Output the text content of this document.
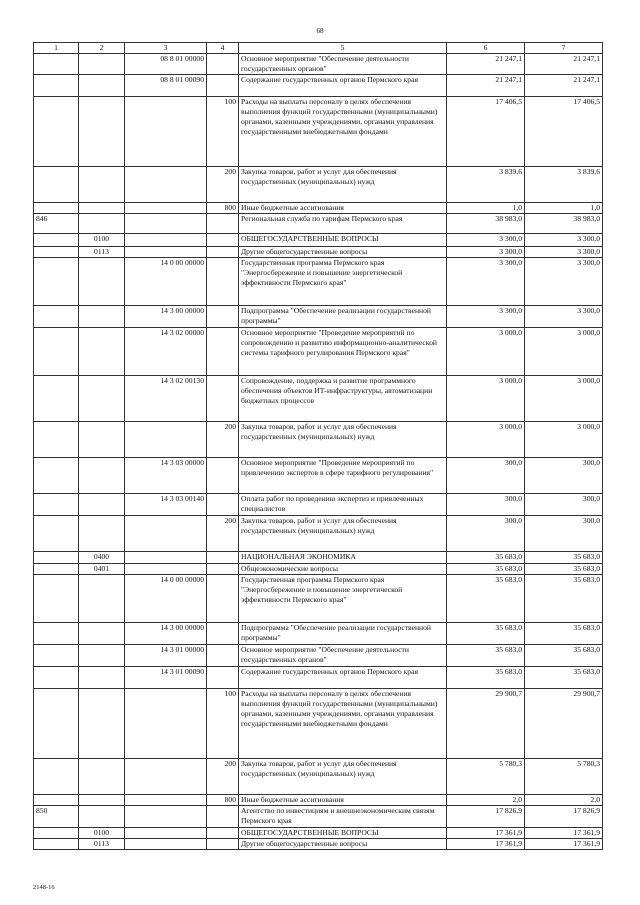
68
1	2	3	4	5	6	7
		08 8 01 00000		Основное мероприятие "Обеспечение деятельности государственных органов"	21 247,1	21 247,1
		08 8 01 00090		Содержание государственных органов Пермского края	21 247,1	21 247,1
			100	Расходы на выплаты персоналу в целях обеспечения выполнения функций государственными (муниципальными) органами, казенными учреждениями, органами управления государственными внебюджетными фондами	17 406,5	17 406,5
			200	Закупка товаров, работ и услуг для обеспечения государственных (муниципальных) нужд	3 839,6	3 839,6
			800	Иные бюджетные ассигнования	1,0	1,0
846				Региональная служба по тарифам Пермского края	38 983,0	38 983,0
	0100			ОБЩЕГОСУДАРСТВЕННЫЕ ВОПРОСЫ	3 300,0	3 300,0
	0113			Другие общегосударственные вопросы	3 300,0	3 300,0
		14 0 00 00000		Государственная программа Пермского края "Энергосбережение и повышение энергетической эффективности Пермского края"	3 300,0	3 300,0
		14 3 00 00000		Подпрограмма "Обеспечение реализации государственной программы"	3 300,0	3 300,0
		14 3 02 00000		Основное мероприятие "Проведение мероприятий по сопровождению и развитию информационно-аналитической системы тарифного регулирования Пермского края"	3 000,0	3 000,0
		14 3 02 00130		Сопровождение, поддержка и развитие программного обеспечения объектов ИТ-инфраструктуры, автоматизации бюджетных процессов	3 000,0	3 000,0
			200	Закупка товаров, работ и услуг для обеспечения государственных (муниципальных) нужд	3 000,0	3 000,0
		14 3 03 00000		Основное мероприятие "Проведение мероприятий по привлечению экспертов в сфере тарифного регулирования"	300,0	300,0
		14 3 03 00140		Оплата работ по проведению экспертиз и привлеченных специалистов	300,0	300,0
			200	Закупка товаров, работ и услуг для обеспечения государственных (муниципальных) нужд	300,0	300,0
	0400			НАЦИОНАЛЬНАЯ ЭКОНОМИКА	35 683,0	35 683,0
	0401			Общеэкономические вопросы	35 683,0	35 683,0
		14 0 00 00000		Государственная программа Пермского края "Энергосбережение и повышение энергетической эффективности Пермского края"	35 683,0	35 683,0
		14 3 00 00000		Подпрограмма "Обеспечение реализации государственной программы"	35 683,0	35 683,0
		14 3 01 00000		Основное мероприятие "Обеспечение деятельности государственных органов"	35 683,0	35 683,0
		14 3 01 00090		Содержание государственных органов Пермского края	35 683,0	35 683,0
			100	Расходы на выплаты персоналу в целях обеспечения выполнения функций государственными (муниципальными) органами, казенными учреждениями, органами управления государственными внебюджетными фондами	29 900,7	29 900,7
			200	Закупка товаров, работ и услуг для обеспечения государственных (муниципальных) нужд	5 780,3	5 780,3
			800	Иные бюджетные ассигнования	2,0	2,0
850				Агентство по инвестициям и внешнеэкономическим связям Пермского края	17 826,9	17 826,9
	0100			ОБЩЕГОСУДАРСТВЕННЫЕ ВОПРОСЫ	17 361,9	17 361,9
	0113			Другие общегосударственные вопросы	17 361,9	17 361,9
2148-16
